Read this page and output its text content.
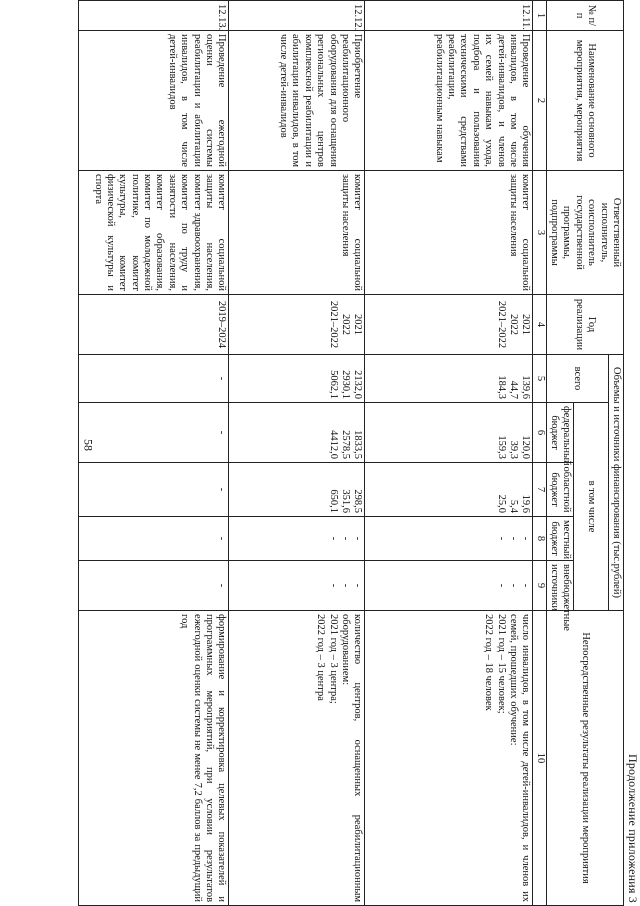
58
Продолжение приложения 3
№ п/п	Наименование основного мероприятия, мероприятия	Ответственный исполнитель, соисполнитель государственной программы, подпрограммы	Год реализации	Объемы и источники финансирования (тыс.рублей)					Непосредственные результаты реализации мероприятия
				всего	в том числе				
					федеральный бюджет	областной бюджет	местный бюджет	внебюджетные источники	
1	2	3	4	5	6	7	8	9	10
12.11.	Проведение обучения инвалидов, в том числе детей-инвалидов, и членов их семей навыкам ухода, подбора и пользования техническими средствами реабилитации, реабилитационным навыкам	комитет социальной защиты населения	2021
2022
2021–2022	139,6
44,7
184,3	120,0
39,3
159,3	19,6
5,4
25,0	-
-
-	-
-
-	число инвалидов, в том числе детей-инвалидов, и членов их семей, прошедших обучение:
2021 год – 15 человек;
2022 год – 18 человек

12.12.	Приобретение реабилитационного оборудования для оснащения региональных центров комплексной реабилитации и абилитации инвалидов, в том числе детей-инвалидов	комитет социальной защиты населения	2021
2022
2021–2022	2132,0
2930,1
5062,1	1833,5
2578,5
4412,0	298,5
351,6
650,1	-
-
-	-
-
-	количество центров, оснащенных реабилитационным оборудованием:
2021 год – 3 центра;
2022 год – 3 центра

12.13.	Проведение ежегодной оценки системы реабилитации и абилитации инвалидов, в том числе детей-инвалидов	комитет социальной защиты населения, комитет здравоохранения, комитет по труду и занятости населения, комитет образования, комитет по молодежной политике, комитет культуры, комитет физической культуры и спорта	2019–2024	-	-	-	-	-	формирование и корректировка целевых показателей и программных мероприятий, при условии результатов ежегодной оценки системы не менее 7,2 баллов за предыдущий год
